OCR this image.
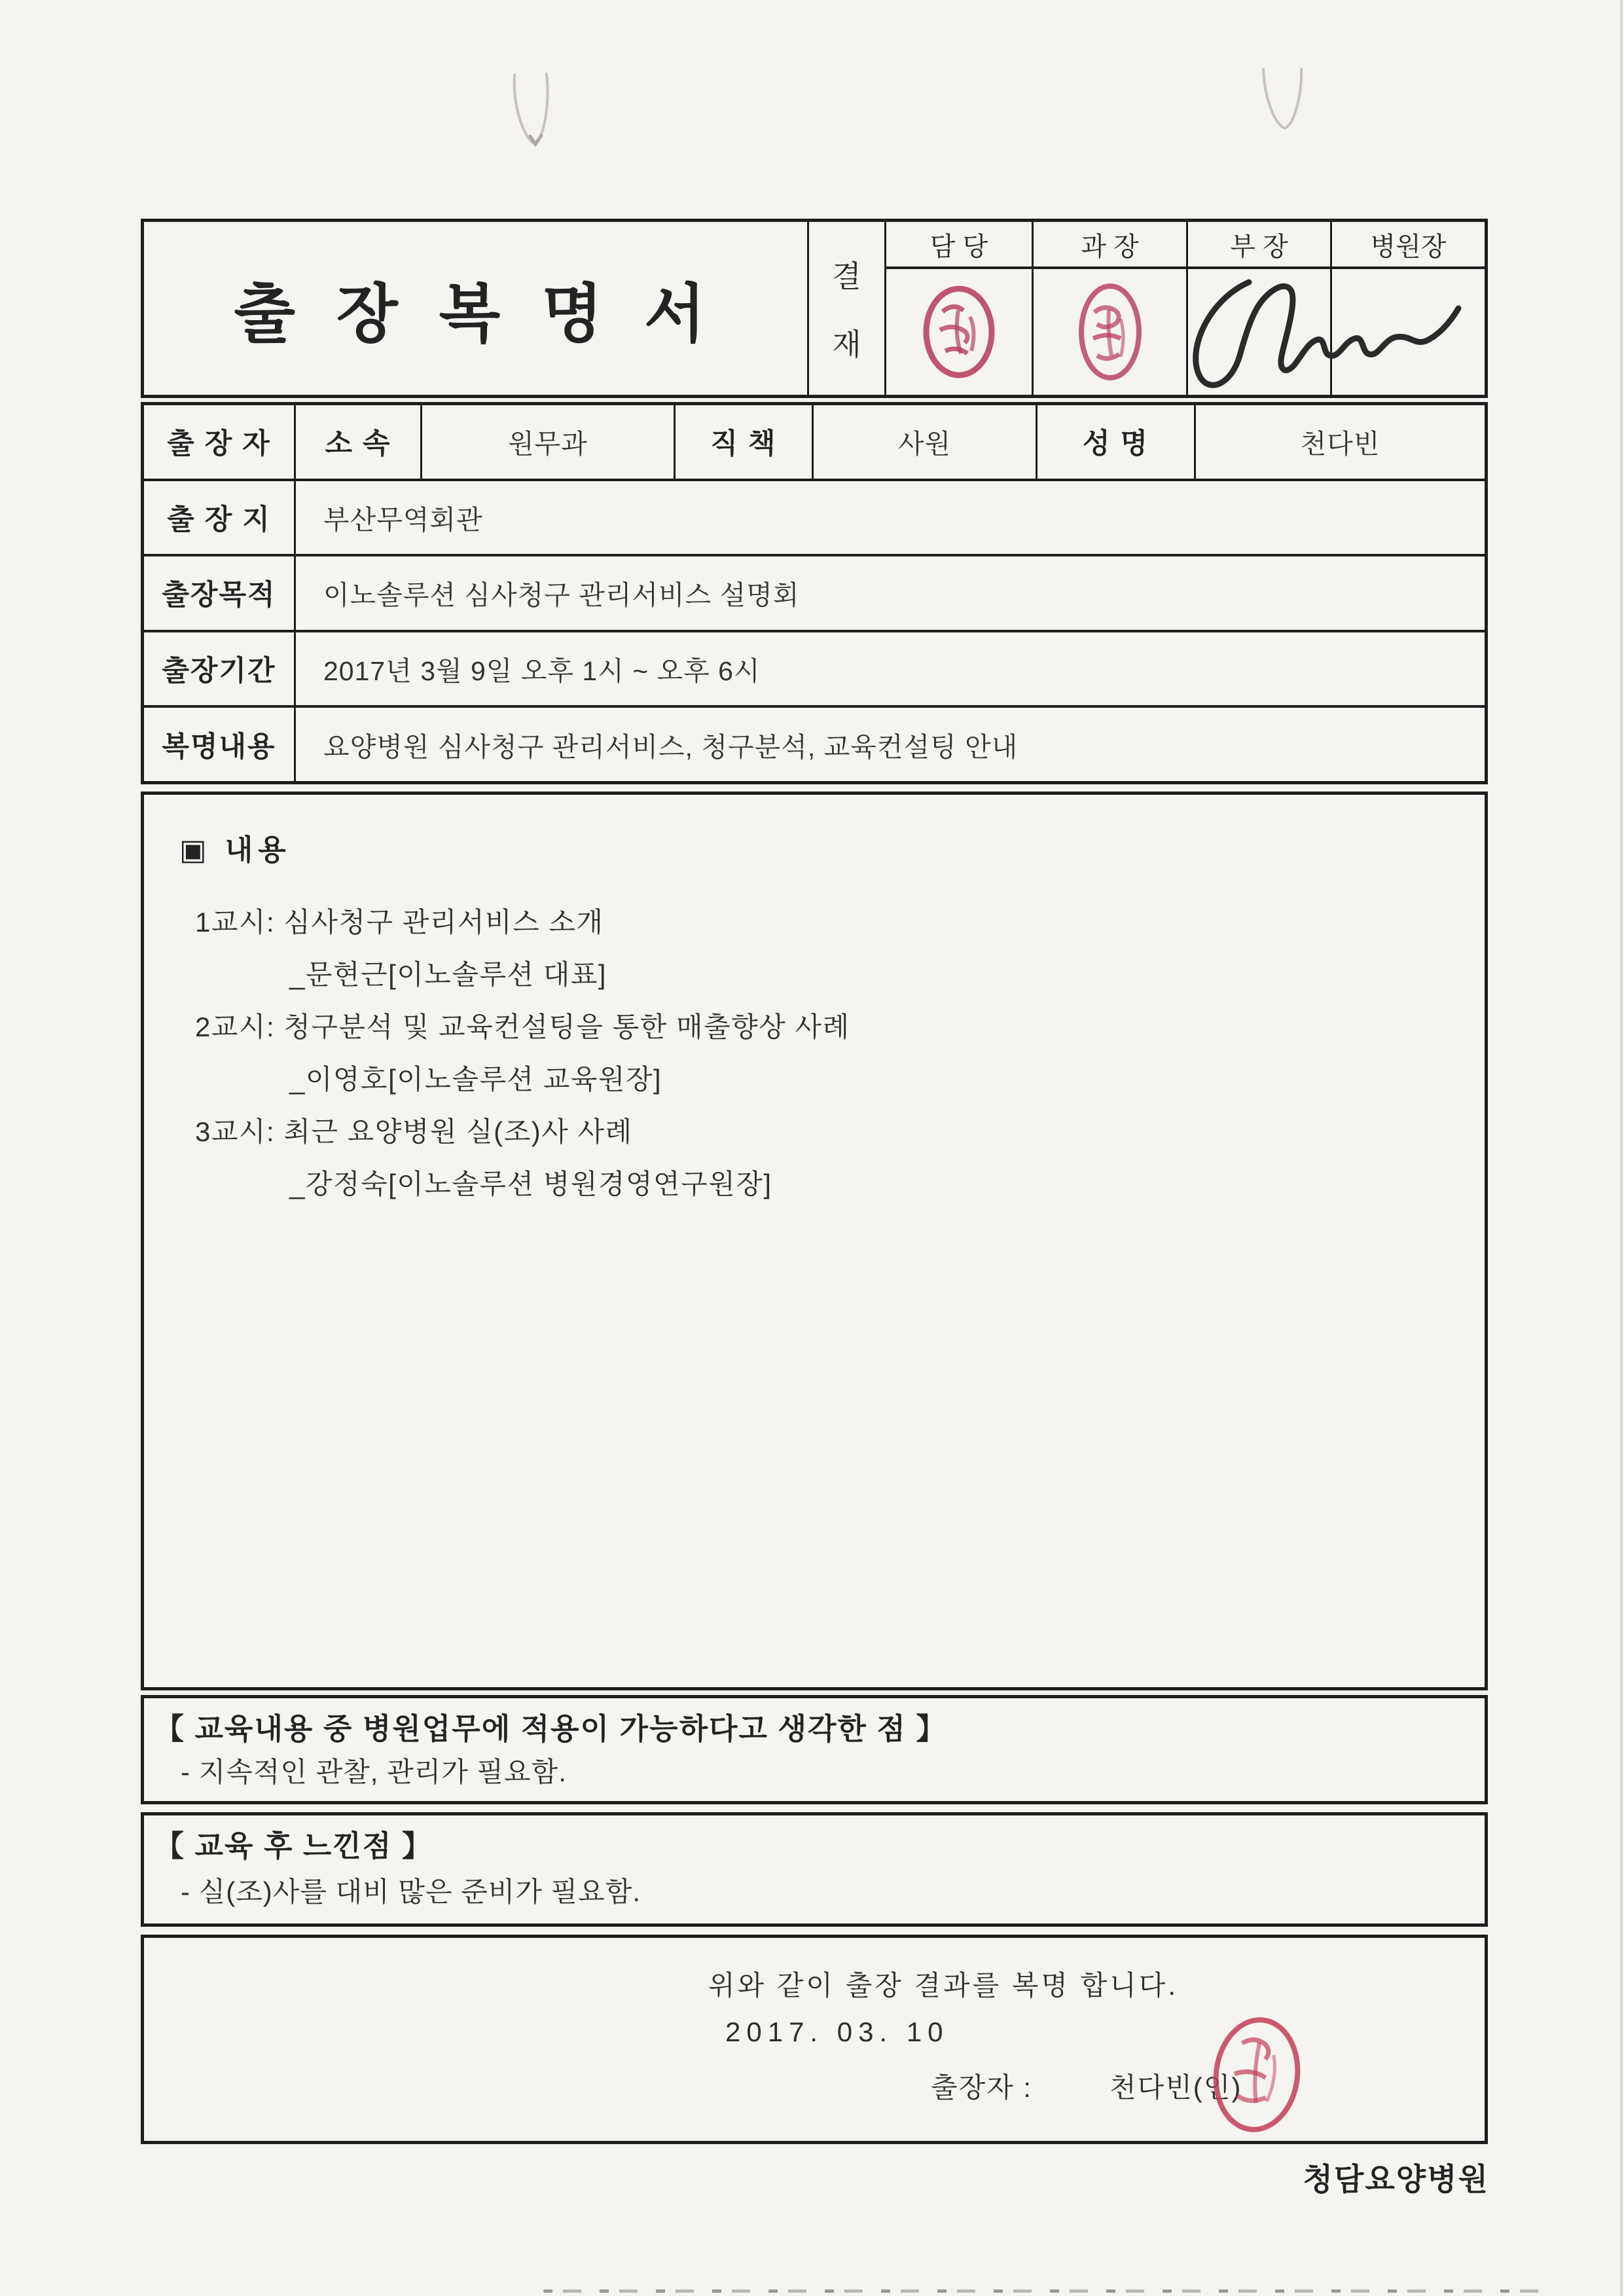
출 장 복 명 서
결
재
담 당	과 장	부 장	병원장
출 장 자	소 속	원무과	직 책	사원	성 명	천다빈
출 장 지	부산무역회관
출장목적	이노솔루션 심사청구 관리서비스 설명회
출장기간	2017년 3월 9일 오후 1시 ~ 오후 6시
복명내용	요양병원 심사청구 관리서비스, 청구분석, 교육컨설팅 안내
▣ 내용
1교시: 심사청구 관리서비스 소개
_문현근[이노솔루션 대표]
2교시: 청구분석 및 교육컨설팅을 통한 매출향상 사례
_이영호[이노솔루션 교육원장]
3교시: 최근 요양병원 실(조)사 사례
_강정숙[이노솔루션 병원경영연구원장]
【 교육내용 중 병원업무에 적용이 가능하다고 생각한 점 】
- 지속적인 관찰, 관리가 필요함.
【 교육 후 느낀점 】
- 실(조)사를 대비 많은 준비가 필요함.
위와 같이 출장 결과를 복명 합니다.
2017. 03. 10
출장자 :	천다빈(인)
청담요양병원
